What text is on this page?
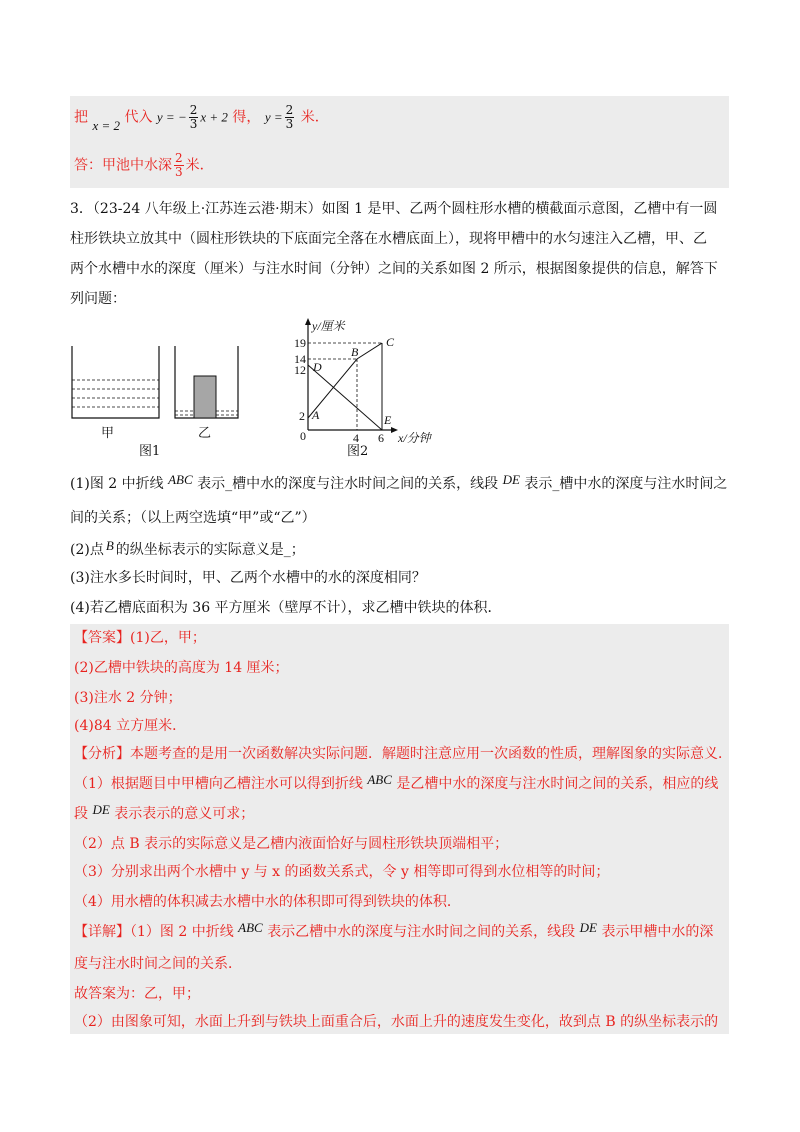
把 x = 2 代入 y = − $\frac{2}{3}$ x + 2 得， $y = \frac{2}{3}$ 米．
答：甲池中水深 $\frac{2}{3}$ 米．
3．（23-24 八年级上·江苏连云港·期末）如图 1 是甲、乙两个圆柱形水槽的横截面示意图，乙槽中有一圆
柱形铁块立放其中（圆柱形铁块的下底面完全落在水槽底面上），现将甲槽中的水匀速注入乙槽，甲、乙
两个水槽中水的深度（厘米）与注水时间（分钟）之间的关系如图 2 所示，根据图象提供的信息，解答下
列问题：
甲	乙
图1
19
14
12
2
0	4 6
y/厘米
x/分钟
A
B
C
D
E
图2
(1)图 2 中折线 ABC 表示_槽中水的深度与注水时间之间的关系，线段 DE 表示_槽中水的深度与注水时间之
间的关系；（以上两空选填“甲”或“乙”）
(2)点 B 的纵坐标表示的实际意义是_；
(3)注水多长时间时，甲、乙两个水槽中的水的深度相同？
(4)若乙槽底面积为 36 平方厘米（壁厚不计），求乙槽中铁块的体积．
【答案】(1)乙，甲；
(2)乙槽中铁块的高度为 14 厘米；
(3)注水 2 分钟；
(4)84 立方厘米．
【分析】本题考查的是用一次函数解决实际问题．解题时注意应用一次函数的性质，理解图象的实际意义．
（1）根据题目中甲槽向乙槽注水可以得到折线 ABC 是乙槽中水的深度与注水时间之间的关系，相应的线
段 DE 表示表示的意义可求；
（2）点 B 表示的实际意义是乙槽内液面恰好与圆柱形铁块顶端相平；
（3）分别求出两个水槽中 y 与 x 的函数关系式，令 y 相等即可得到水位相等的时间；
（4）用水槽的体积减去水槽中水的体积即可得到铁块的体积．
【详解】（1）图 2 中折线 ABC 表示乙槽中水的深度与注水时间之间的关系，线段 DE 表示甲槽中水的深
度与注水时间之间的关系．
故答案为：乙，甲；
（2）由图象可知，水面上升到与铁块上面重合后，水面上升的速度发生变化，故到点 B 的纵坐标表示的
